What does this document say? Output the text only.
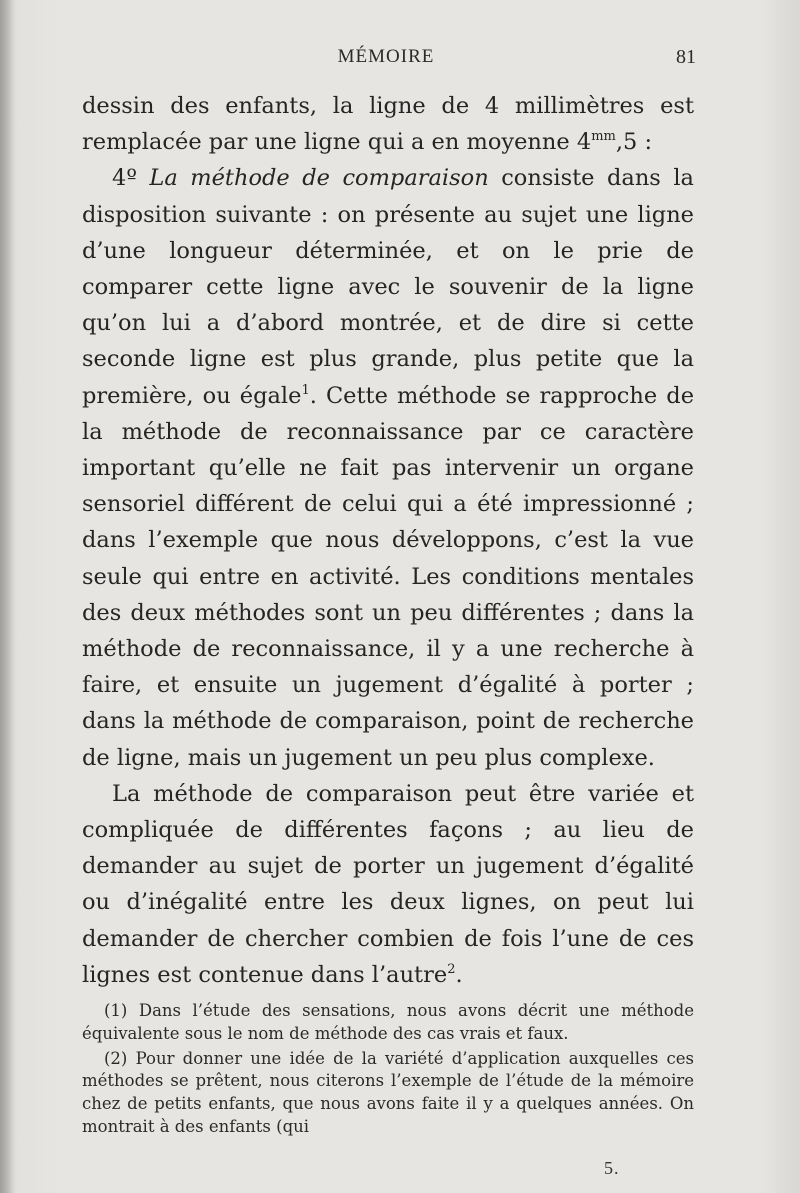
MÉMOIRE	81

dessin des enfants, la ligne de 4 millimètres est remplacée par une ligne qui a en moyenne $4^{mm},5$ :

4º La méthode de comparaison consiste dans la disposition suivante : on présente au sujet une ligne d’une longueur déterminée, et on le prie de comparer cette ligne avec le souvenir de la ligne qu’on lui a d’abord montrée, et de dire si cette seconde ligne est plus grande, plus petite que la première, ou égale$^1$. Cette méthode se rapproche de la méthode de reconnaissance par ce caractère important qu’elle ne fait pas intervenir un organe sensoriel différent de celui qui a été impressionné ; dans l’exemple que nous développons, c’est la vue seule qui entre en activité. Les conditions mentales des deux méthodes sont un peu différentes ; dans la méthode de reconnaissance, il y a une recherche à faire, et ensuite un jugement d’égalité à porter ; dans la méthode de comparaison, point de recherche de ligne, mais un jugement un peu plus complexe.

La méthode de comparaison peut être variée et compliquée de différentes façons ; au lieu de demander au sujet de porter un jugement d’égalité ou d’inégalité entre les deux lignes, on peut lui demander de chercher combien de fois l’une de ces lignes est contenue dans l’autre$^2$.

(1) Dans l’étude des sensations, nous avons décrit une méthode équivalente sous le nom de méthode des cas vrais et faux.

(2) Pour donner une idée de la variété d’application auxquelles ces méthodes se prêtent, nous citerons l’exemple de l’étude de la mémoire chez de petits enfants, que nous avons faite il y a quelques années. On montrait à des enfants (qui

5.
